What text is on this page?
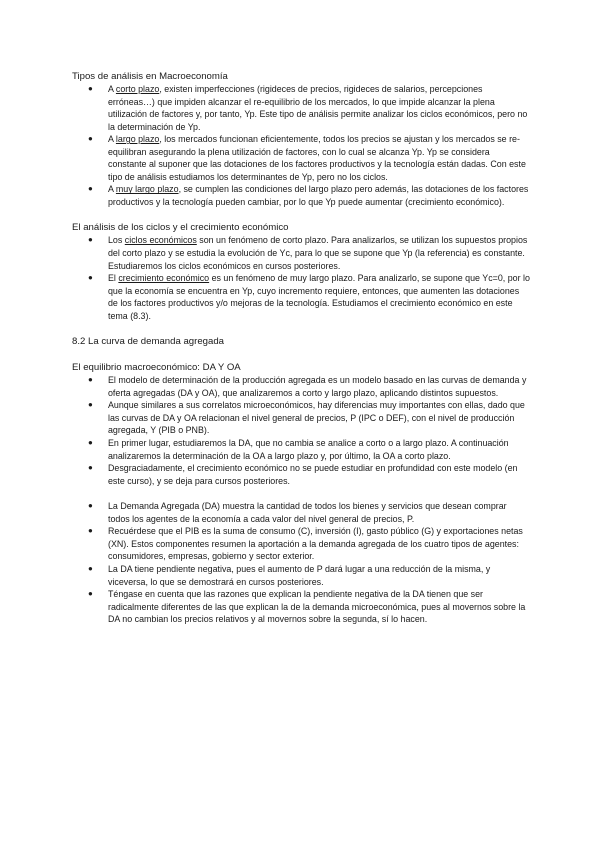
Tipos de análisis en Macroeconomía

● A corto plazo, existen imperfecciones (rigideces de precios, rigideces de salarios, percepciones erróneas…) que impiden alcanzar el re-equilibrio de los mercados, lo que impide alcanzar la plena utilización de factores y, por tanto, Yp. Este tipo de análisis permite analizar los ciclos económicos, pero no la determinación de Yp.
● A largo plazo, los mercados funcionan eficientemente, todos los precios se ajustan y los mercados se re-equilibran asegurando la plena utilización de factores, con lo cual se alcanza Yp. Yp se considera constante al suponer que las dotaciones de los factores productivos y la tecnología están dadas. Con este tipo de análisis estudiamos los determinantes de Yp, pero no los ciclos.
● A muy largo plazo, se cumplen las condiciones del largo plazo pero además, las dotaciones de los factores productivos y la tecnología pueden cambiar, por lo que Yp puede aumentar (crecimiento económico).

El análisis de los ciclos y el crecimiento económico

● Los ciclos económicos son un fenómeno de corto plazo. Para analizarlos, se utilizan los supuestos propios del corto plazo y se estudia la evolución de Yc, para lo que se supone que Yp (la referencia) es constante. Estudiaremos los ciclos económicos en cursos posteriores.
● El crecimiento económico es un fenómeno de muy largo plazo. Para analizarlo, se supone que Yc=0, por lo que la economía se encuentra en Yp, cuyo incremento requiere, entonces, que aumenten las dotaciones de los factores productivos y/o mejoras de la tecnología. Estudiamos el crecimiento económico en este tema (8.3).

8.2 La curva de demanda agregada

El equilibrio macroeconómico: DA Y OA

● El modelo de determinación de la producción agregada es un modelo basado en las curvas de demanda y oferta agregadas (DA y OA), que analizaremos a corto y largo plazo, aplicando distintos supuestos.
● Aunque similares a sus correlatos microeconómicos, hay diferencias muy importantes con ellas, dado que las curvas de DA y OA relacionan el nivel general de precios, P (IPC o DEF), con el nivel de producción agregada, Y (PIB o PNB).
● En primer lugar, estudiaremos la DA, que no cambia se analice a corto o a largo plazo. A continuación analizaremos la determinación de la OA a largo plazo y, por último, la OA a corto plazo.
● Desgraciadamente, el crecimiento económico no se puede estudiar en profundidad con este modelo (en este curso), y se deja para cursos posteriores.
● La Demanda Agregada (DA) muestra la cantidad de todos los bienes y servicios que desean comprar todos los agentes de la economía a cada valor del nivel general de precios, P.
● Recuérdese que el PIB es la suma de consumo (C), inversión (I), gasto público (G) y exportaciones netas (XN). Estos componentes resumen la aportación a la demanda agregada de los cuatro tipos de agentes: consumidores, empresas, gobierno y sector exterior.
● La DA tiene pendiente negativa, pues el aumento de P dará lugar a una reducción de la misma, y viceversa, lo que se demostrará en cursos posteriores.
● Téngase en cuenta que las razones que explican la pendiente negativa de la DA tienen que ser radicalmente diferentes de las que explican la de la demanda microeconómica, pues al movernos sobre la DA no cambian los precios relativos y al movernos sobre la segunda, sí lo hacen.
